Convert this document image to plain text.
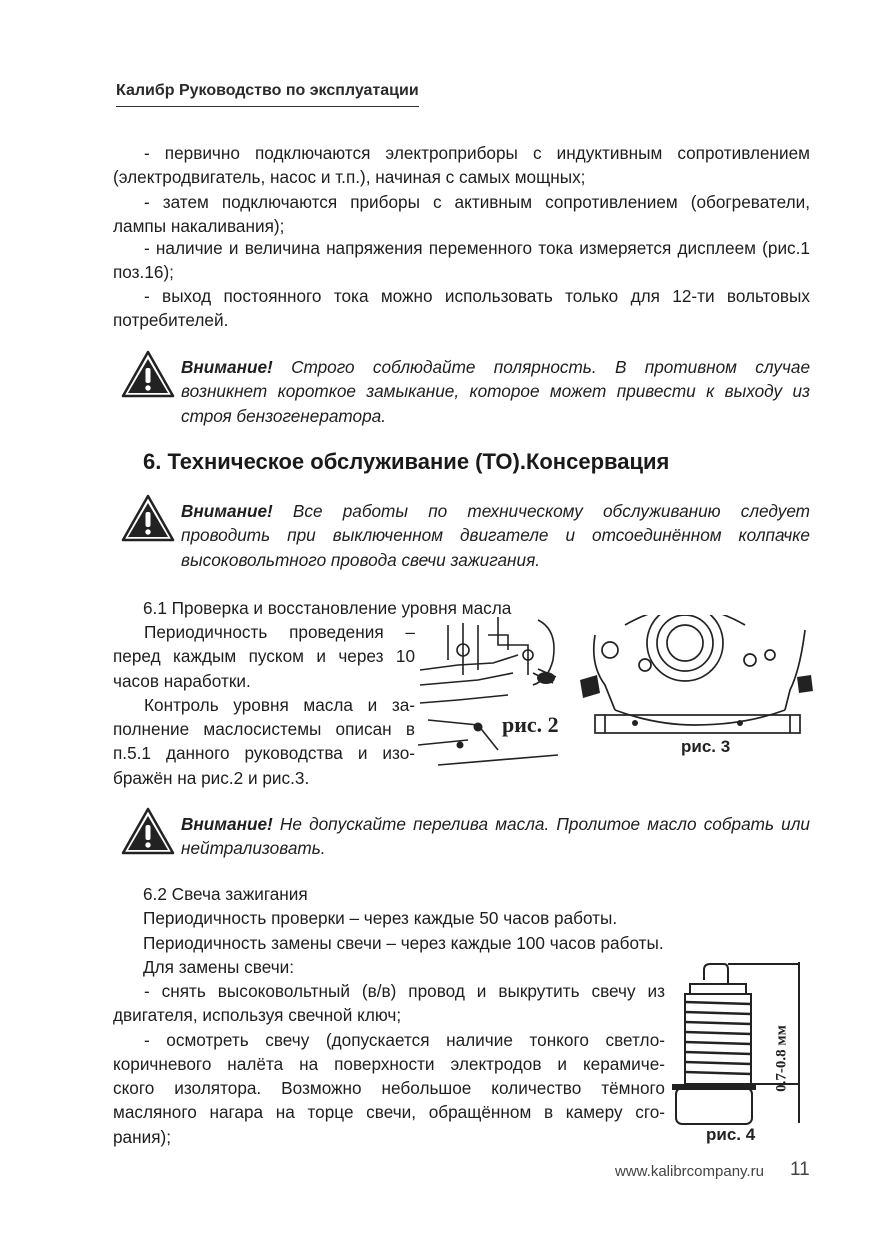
Калибр Руководство по эксплуатации

- первично подключаются электроприборы с индуктивным сопротивлением (электродвигатель, насос и т.п.), начиная с самых мощных;

- затем подключаются приборы с активным сопротивлением (обогреватели, лампы накаливания);

- наличие и величина напряжения переменного тока измеряется дисплеем (рис.1 поз.16);

- выход постоянного тока можно использовать только для 12-ти вольтовых потребителей.

Внимание! Строго соблюдайте полярность. В противном случае возникнет короткое замыкание, которое может привести к выходу из строя бензогенератора.

6. Техническое обслуживание (ТО).Консервация

Внимание! Все работы по техническому обслуживанию следует проводить при выключенном двигателе и отсоединённом колпачке высоковольтного провода свечи зажигания.

6.1 Проверка и восстановление уровня масла

Периодичность проведения –
перед каждым пуском и через 10
часов наработки.
Контроль уровня масла и за-
полнение маслосистемы описан в
п.5.1 данного руководства и изо-
бражён на рис.2 и рис.3.
рис. 2
рис. 3

Внимание! Не допускайте перелива масла. Пролитое масло собрать или нейтрализовать.

6.2 Свеча зажигания

Периодичность проверки – через каждые 50 часов работы.

Периодичность замены свечи – через каждые 100 часов работы.

Для замены свечи:

- снять высоковольтный (в/в) провод и выкрутить свечу из
двигателя, используя свечной ключ;
- осмотреть свечу (допускается наличие тонкого светло-
коричневого налёта на поверхности электродов и керамиче-
ского изолятора. Возможно небольшое количество тёмного
масляного нагара на торце свечи, обращённом в камеру сго-
рания);
0.7-0.8 мм
рис. 4
www.kalibrcompany.ru 11
